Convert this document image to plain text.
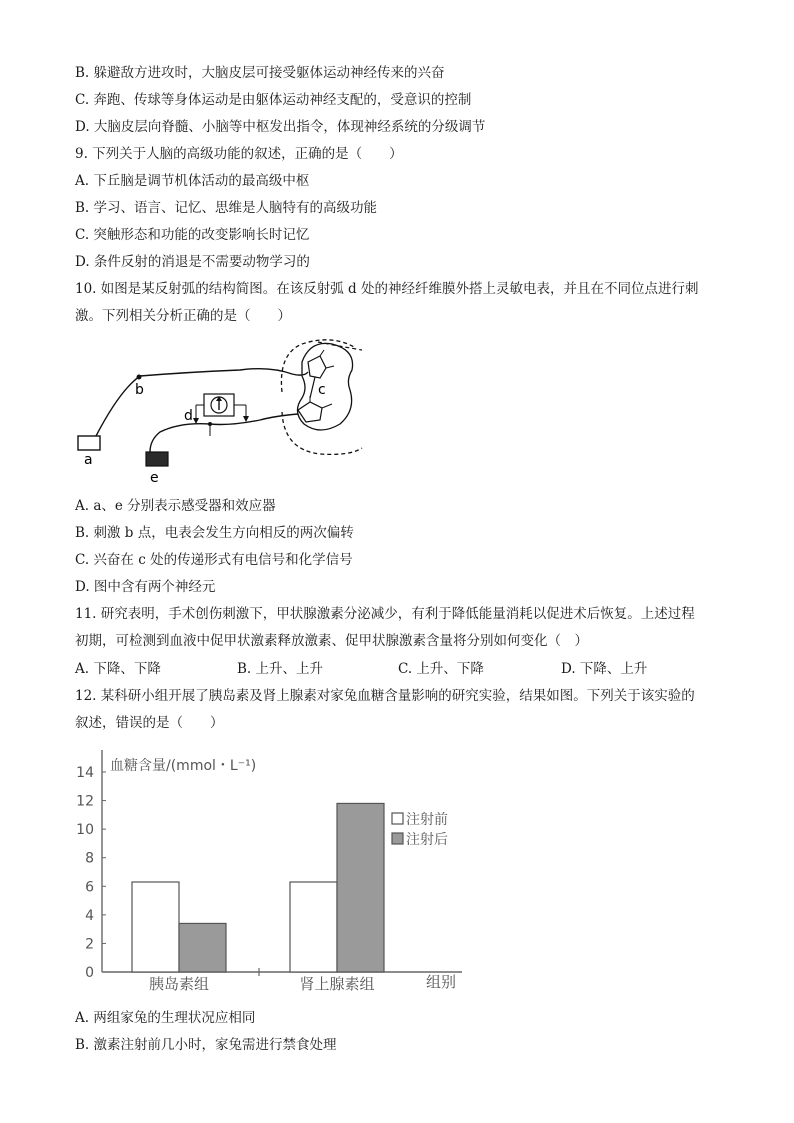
B. 躲避敌方进攻时，大脑皮层可接受躯体运动神经传来的兴奋
C. 奔跑、传球等身体运动是由躯体运动神经支配的，受意识的控制
D. 大脑皮层向脊髓、小脑等中枢发出指令，体现神经系统的分级调节
9. 下列关于人脑的高级功能的叙述，正确的是（　　）
A. 下丘脑是调节机体活动的最高级中枢
B. 学习、语言、记忆、思维是人脑特有的高级功能
C. 突触形态和功能的改变影响长时记忆
D. 条件反射的消退是不需要动物学习的
10. 如图是某反射弧的结构简图。在该反射弧 d 处的神经纤维膜外搭上灵敏电表，并且在不同位点进行刺
激。下列相关分析正确的是（　　）
a
b	c
d
e
A. a、e 分别表示感受器和效应器
B. 刺激 b 点，电表会发生方向相反的两次偏转
C. 兴奋在 c 处的传递形式有电信号和化学信号
D. 图中含有两个神经元
11. 研究表明，手术创伤刺激下，甲状腺激素分泌减少，有利于降低能量消耗以促进术后恢复。上述过程
初期，可检测到血液中促甲状激素释放激素、促甲状腺激素含量将分别如何变化（　）
A. 下降、下降	B. 上升、上升	C. 上升、下降	D. 下降、上升
12. 某科研小组开展了胰岛素及肾上腺素对家兔血糖含量影响的研究实验，结果如图。下列关于该实验的
叙述，错误的是（　　）
血糖含量/(mmol・L⁻¹)
组别
0
2
4
6
8
10
12
14
胰岛素组	肾上腺素组
注射前
注射后
A. 两组家兔的生理状况应相同
B. 激素注射前几小时，家兔需进行禁食处理
